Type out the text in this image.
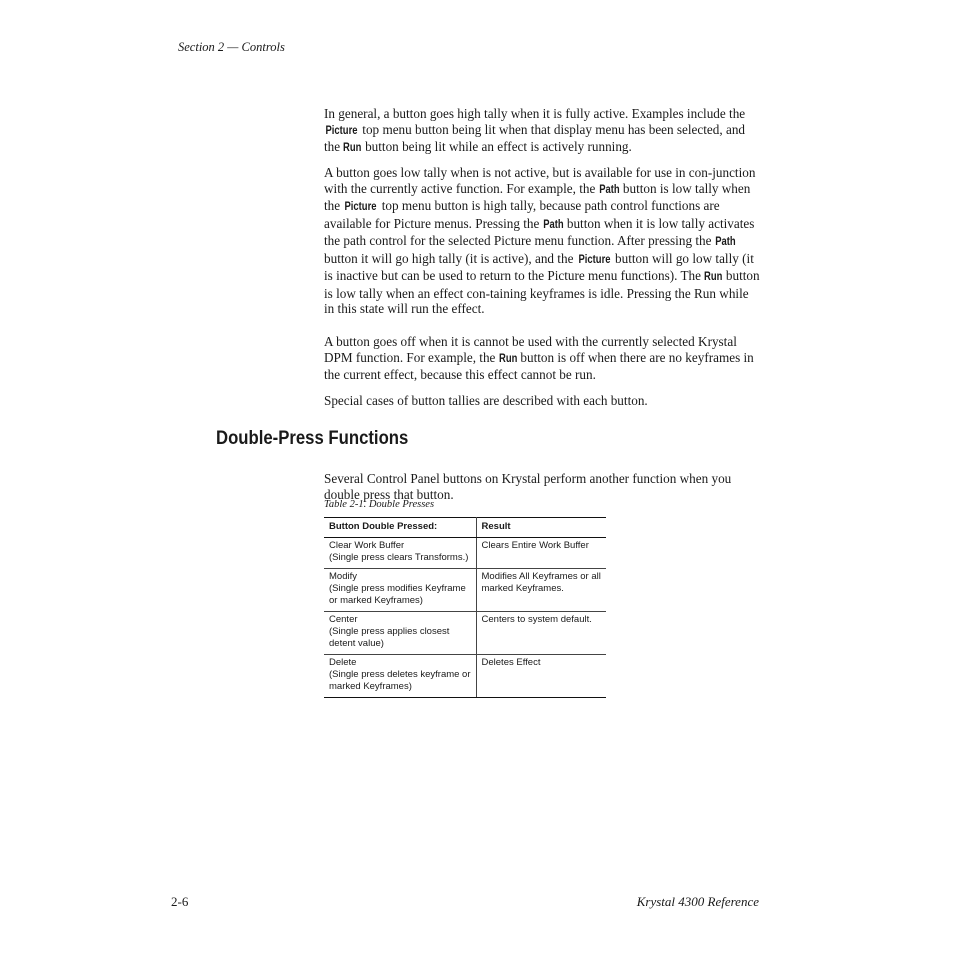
Section 2 — Controls

In general, a button goes high tally when it is fully active. Examples include the Picture top menu button being lit when that display menu has been selected, and the Run button being lit while an effect is actively running.

A button goes low tally when is not active, but is available for use in con-junction with the currently active function. For example, the Path button is low tally when the Picture top menu button is high tally, because path control functions are available for Picture menus. Pressing the Path button when it is low tally activates the path control for the selected Picture menu function. After pressing the Path button it will go high tally (it is active), and the Picture button will go low tally (it is inactive but can be used to return to the Picture menu functions). The Run button is low tally when an effect con-taining keyframes is idle. Pressing the Run while in this state will run the effect.

A button goes off when it is cannot be used with the currently selected Krystal DPM function. For example, the Run button is off when there are no keyframes in the current effect, because this effect cannot be run.

Special cases of button tallies are described with each button.

Double-Press Functions

Several Control Panel buttons on Krystal perform another function when you double press that button.

Table 2-1. Double Presses
Button Double Pressed:	Result

Clear Work Buffer
(Single press clears Transforms.)	Clears Entire Work Buffer

Modify
(Single press modifies Keyframe
or marked Keyframes)	Modifies All Keyframes or all
marked Keyframes.

Center
(Single press applies closest
detent value)	Centers to system default.

Delete
(Single press deletes keyframe or
marked Keyframes)	Deletes Effect
2-6	Krystal 4300 Reference
